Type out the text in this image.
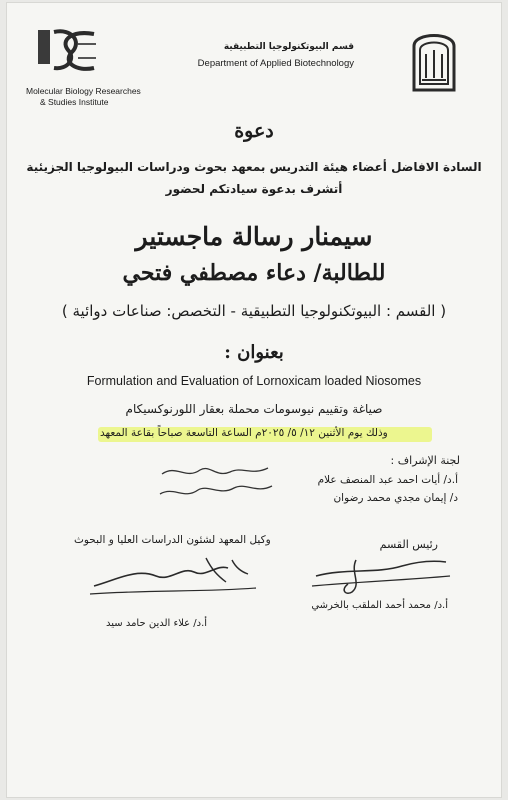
Molecular Biology Researches
& Studies Institute
قسم البيوتكنولوجيا التطبيقية
Department of Applied Biotechnology
دعوة
السادة الافاضل أعضاء هيئة التدريس بمعهد بحوث ودراسات البيولوجيا الجزيئية
أتشرف بدعوة سيادتكم لحضور
سيمنار رسالة ماجستير
للطالبة/ دعاء مصطفي فتحي
( القسم : البيوتكنولوجيا التطبيقية - التخصص: صناعات دوائية )
بعنوان :
Formulation and Evaluation of Lornoxicam loaded Niosomes
صياغة وتقييم نيوسومات محملة بعقار اللورنوكسيكام
وذلك يوم الأثنين ١٢/ ٥/ ٢٠٢٥م الساعة التاسعة صباحاً بقاعة المعهد
لجنة الإشراف :
أ.د/ أيات احمد عبد المنصف علام
د/ إيمان مجدي محمد رضوان
وكيل المعهد لشئون الدراسات العليا و البحوث
أ.د/ علاء الدين حامد سيد
رئيس القسم
أ.د/ محمد أحمد الملقب بالخرشي
